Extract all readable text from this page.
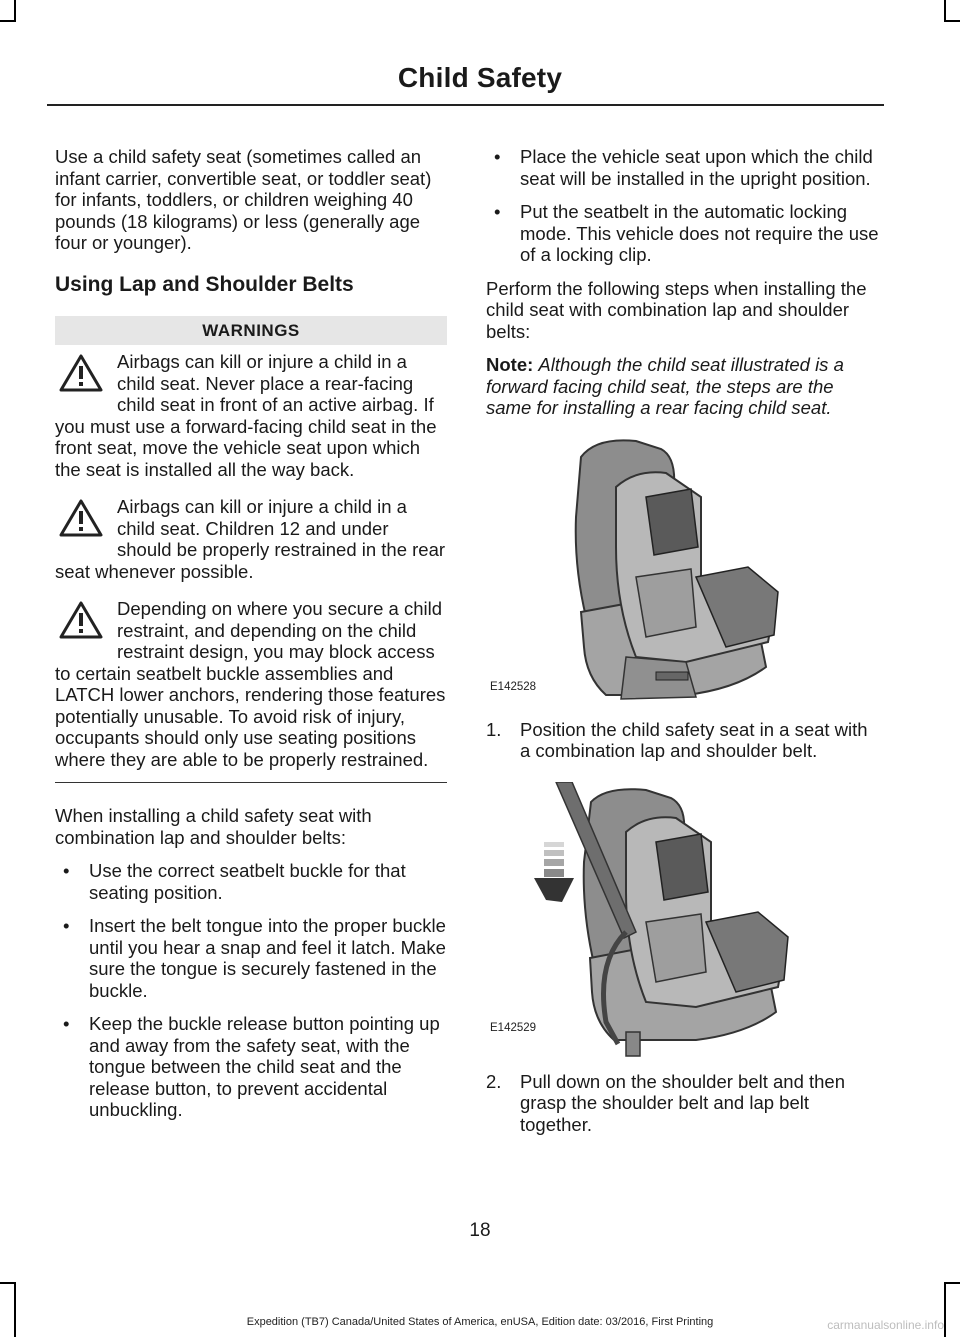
Child Safety

Use a child safety seat (sometimes called an infant carrier, convertible seat, or toddler seat) for infants, toddlers, or children weighing 40 pounds (18 kilograms) or less (generally age four or younger).

Using Lap and Shoulder Belts
WARNINGS
Airbags can kill or injure a child in a child seat. Never place a rear-facing child seat in front of an active airbag. If you must use a forward-facing child seat in the front seat, move the vehicle seat upon which the seat is installed all the way back.
Airbags can kill or injure a child in a child seat. Children 12 and under should be properly restrained in the rear seat whenever possible.
Depending on where you secure a child restraint, and depending on the child restraint design, you may block access to certain seatbelt buckle assemblies and LATCH lower anchors, rendering those features potentially unusable. To avoid risk of injury, occupants should only use seating positions where they are able to be properly restrained.

When installing a child safety seat with combination lap and shoulder belts:

• Use the correct seatbelt buckle for that seating position.
• Insert the belt tongue into the proper buckle until you hear a snap and feel it latch. Make sure the tongue is securely fastened in the buckle.
• Keep the buckle release button pointing up and away from the safety seat, with the tongue between the child seat and the release button, to prevent accidental unbuckling.
• Place the vehicle seat upon which the child seat will be installed in the upright position.
• Put the seatbelt in the automatic locking mode. This vehicle does not require the use of a locking clip.

Perform the following steps when installing the child seat with combination lap and shoulder belts:

Note: Although the child seat illustrated is a forward facing child seat, the steps are the same for installing a rear facing child seat.

E142528
1. Position the child safety seat in a seat with a combination lap and shoulder belt.
E142529
2. Pull down on the shoulder belt and then grasp the shoulder belt and lap belt together.
18
Expedition (TB7) Canada/United States of America, enUSA, Edition date: 03/2016, First Printing	carmanualsonline.info
